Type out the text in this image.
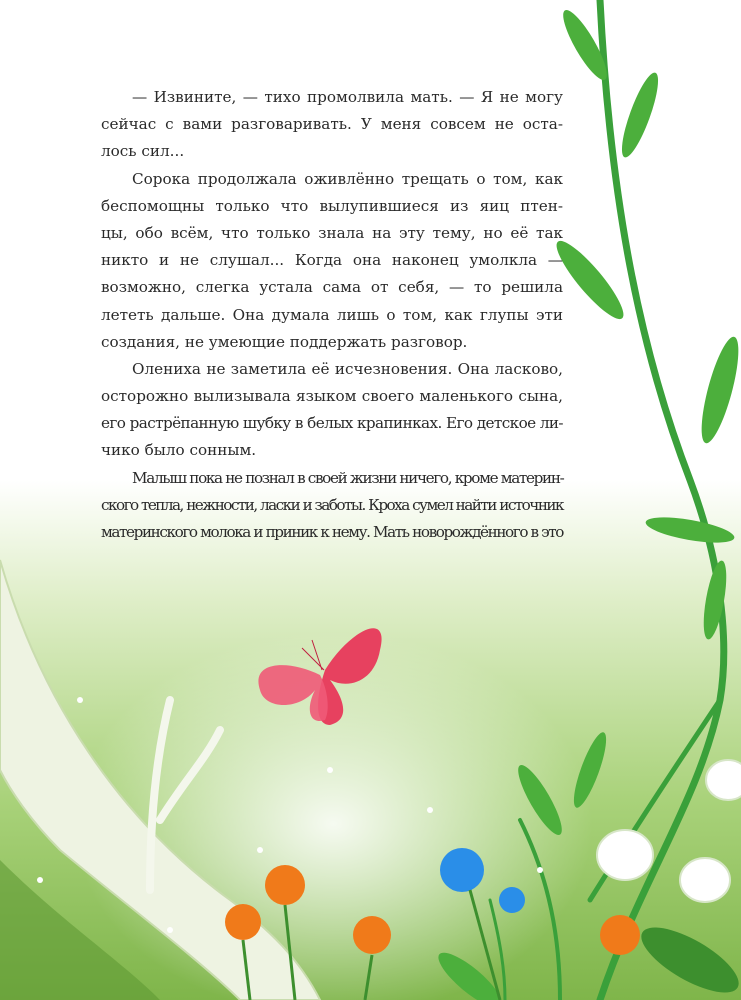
— Извините, — тихо промолвила мать. — Я не могу
сейчас с вами разговаривать. У меня совсем не оста-
лось сил...
Сорока продолжала оживлённо трещать о том, как
беспомощны только что вылупившиеся из яиц птен-
цы, обо всём, что только знала на эту тему, но её так
никто и не слушал... Когда она наконец умолкла —
возможно, слегка устала сама от себя, — то решила
лететь дальше. Она думала лишь о том, как глупы эти
создания, не умеющие поддержать разговор.
Олениха не заметила её исчезновения. Она ласково,
осторожно вылизывала языком своего маленького сына,
его растрёпанную шубку в белых крапинках. Его детское ли-
чико было сонным.
Малыш пока не познал в своей жизни ничего, кроме материн-
ского тепла, нежности, ласки и заботы. Кроха сумел найти источник
материнского молока и приник к нему. Мать новорождённого в это
